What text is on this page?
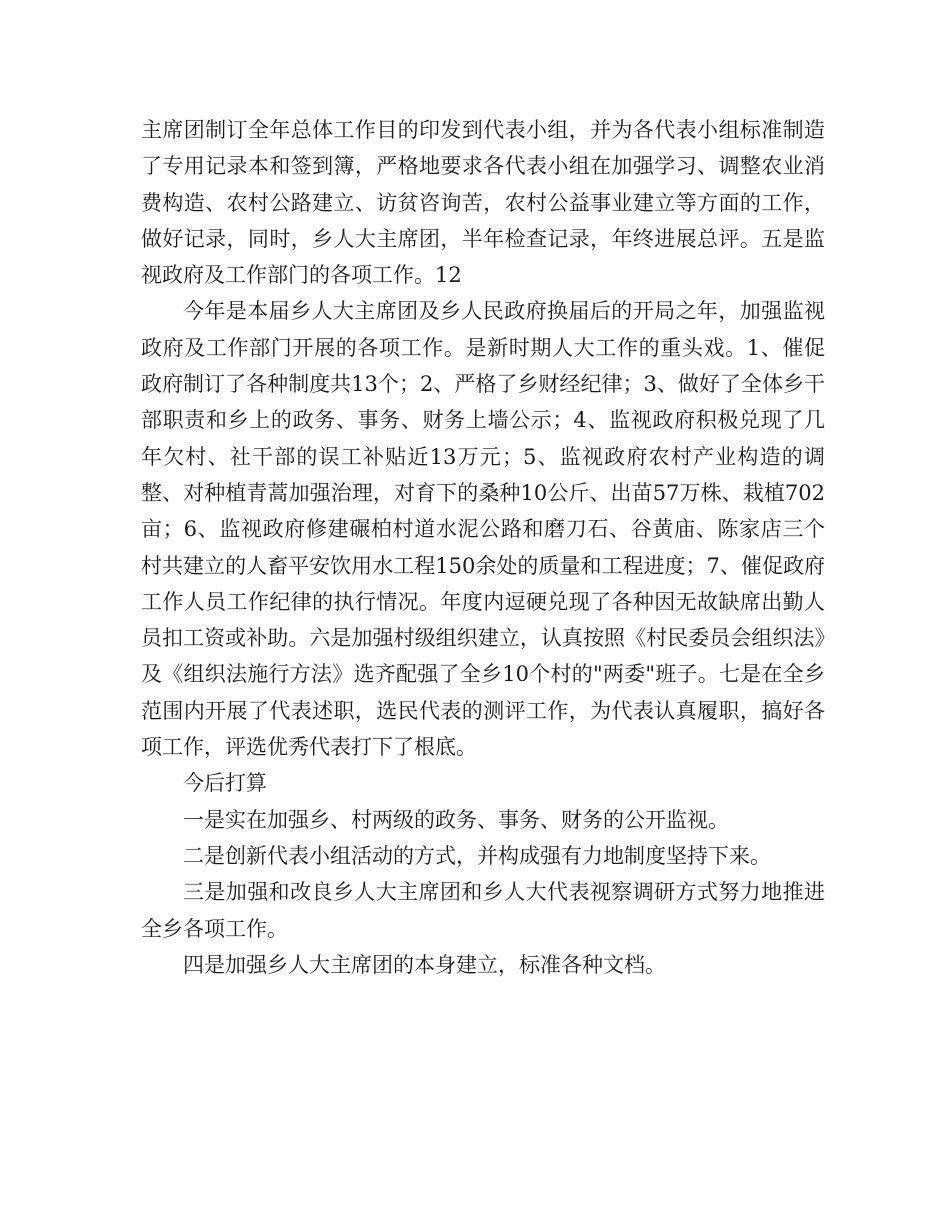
主席团制订全年总体工作目的印发到代表小组，并为各代表小组标准制造了专用记录本和签到簿，严格地要求各代表小组在加强学习、调整农业消费构造、农村公路建立、访贫咨询苦，农村公益事业建立等方面的工作，做好记录，同时，乡人大主席团，半年检查记录，年终进展总评。五是监视政府及工作部门的各项工作。12

今年是本届乡人大主席团及乡人民政府换届后的开局之年，加强监视政府及工作部门开展的各项工作。是新时期人大工作的重头戏。1、催促政府制订了各种制度共13个；2、严格了乡财经纪律；3、做好了全体乡干部职责和乡上的政务、事务、财务上墙公示；4、监视政府积极兑现了几年欠村、社干部的误工补贴近13万元；5、监视政府农村产业构造的调整、对种植青蒿加强治理，对育下的桑种10公斤、出苗57万株、栽植702亩；6、监视政府修建碾柏村道水泥公路和磨刀石、谷黄庙、陈家店三个村共建立的人畜平安饮用水工程150余处的质量和工程进度；7、催促政府工作人员工作纪律的执行情况。年度内逗硬兑现了各种因无故缺席出勤人员扣工资或补助。六是加强村级组织建立，认真按照《村民委员会组织法》及《组织法施行方法》选齐配强了全乡10个村的"两委"班子。七是在全乡范围内开展了代表述职，选民代表的测评工作，为代表认真履职，搞好各项工作，评选优秀代表打下了根底。

今后打算

一是实在加强乡、村两级的政务、事务、财务的公开监视。

二是创新代表小组活动的方式，并构成强有力地制度坚持下来。

三是加强和改良乡人大主席团和乡人大代表视察调研方式努力地推进全乡各项工作。

四是加强乡人大主席团的本身建立，标准各种文档。
